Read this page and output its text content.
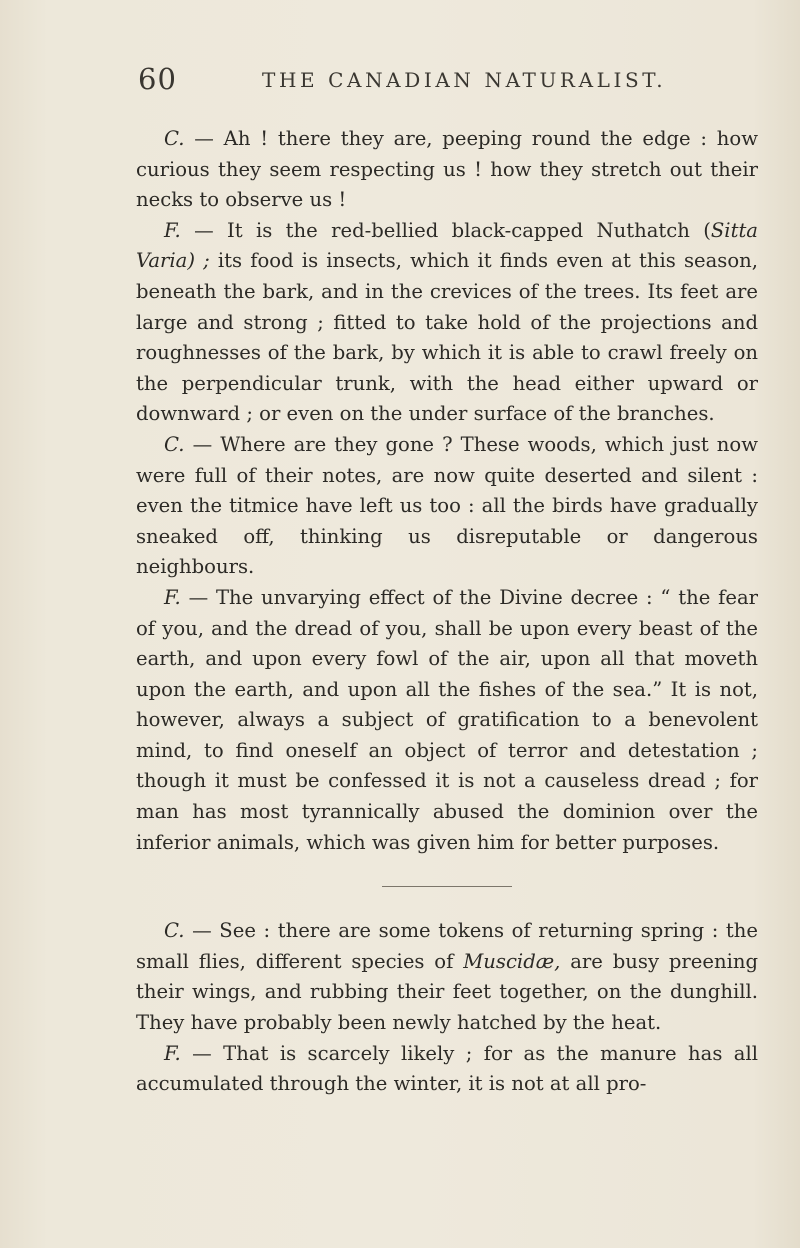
60	THE CANADIAN NATURALIST.

C. — Ah ! there they are, peeping round the edge : how curious they seem respecting us ! how they stretch out their necks to observe us !

F. — It is the red-bellied black-capped Nuthatch (Sitta Varia) ; its food is insects, which it finds even at this season, beneath the bark, and in the crevices of the trees. Its feet are large and strong ; fitted to take hold of the projections and roughnesses of the bark, by which it is able to crawl freely on the perpendicular trunk, with the head either upward or downward ; or even on the under surface of the branches.

C. — Where are they gone ? These woods, which just now were full of their notes, are now quite deserted and silent : even the titmice have left us too : all the birds have gradually sneaked off, thinking us disreputable or dangerous neighbours.

F. — The unvarying effect of the Divine decree : “ the fear of you, and the dread of you, shall be upon every beast of the earth, and upon every fowl of the air, upon all that moveth upon the earth, and upon all the fishes of the sea.” It is not, however, always a subject of gratification to a benevolent mind, to find oneself an object of terror and detestation ; though it must be confessed it is not a causeless dread ; for man has most tyrannically abused the dominion over the inferior animals, which was given him for better purposes.

C. — See : there are some tokens of returning spring : the small flies, different species of Muscidæ, are busy preening their wings, and rubbing their feet together, on the dunghill. They have probably been newly hatched by the heat.

F. — That is scarcely likely ; for as the manure has all accumulated through the winter, it is not at all pro-
